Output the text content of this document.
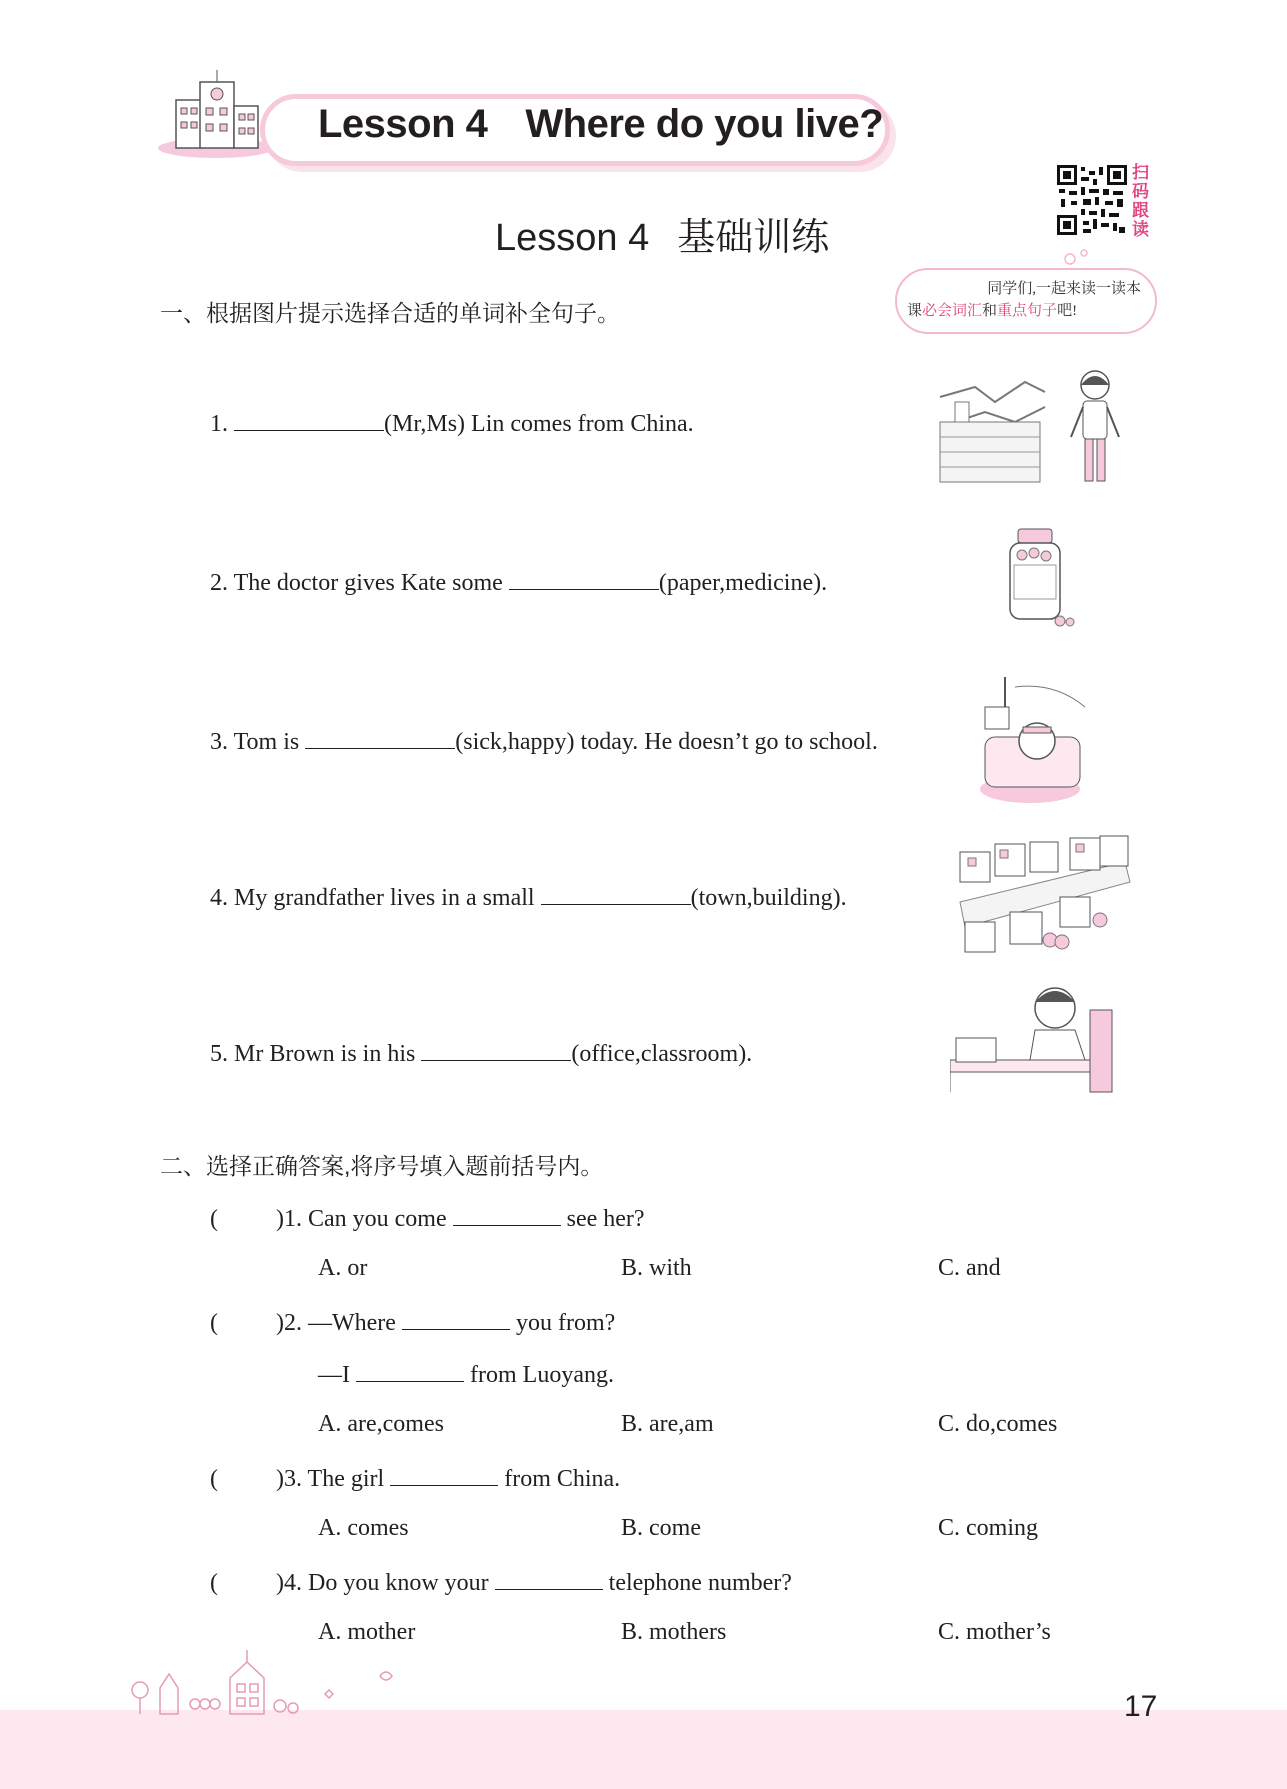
Lesson 4 Where do you live?
扫
码
跟
读
Lesson 4 基础训练
同学们,一起来读一读本
课必会词汇和重点句子吧!
一、根据图片提示选择合适的单词补全句子。
1.	(Mr,Ms) Lin comes from China.
2. The doctor gives Kate some	(paper,medicine).
3. Tom is	(sick,happy) today. He doesn’t go to school.
4. My grandfather lives in a small	(town,building).
5. Mr Brown is in his	(office,classroom).
二、选择正确答案,将序号填入题前括号内。
( )1. Can you come	see her?
A. or	B. with	C. and
( )2. —Where	you from?
—I	from Luoyang.
A. are,comes	B. are,am	C. do,comes
( )3. The girl	from China.
A. comes	B. come	C. coming
( )4. Do you know your	telephone number?
A. mother	B. mothers	C. mother’s
17
